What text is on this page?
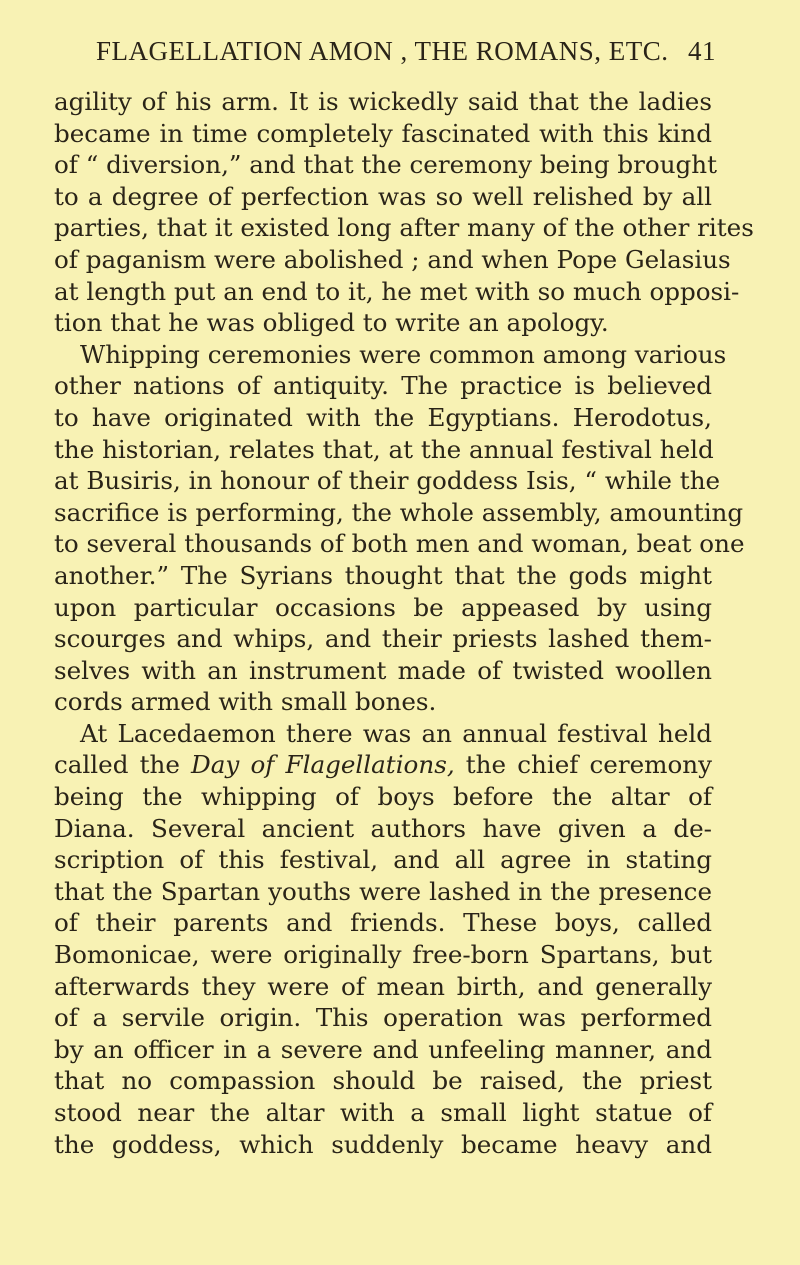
FLAGELLATION AMON , THE ROMANS, ETC. 41

agility of his arm. It is wickedly said that the ladies
became in time completely fascinated with this kind
of “ diversion,” and that the ceremony being brought
to a degree of perfection was so well relished by all
parties, that it existed long after many of the other rites
of paganism were abolished ; and when Pope Gelasius
at length put an end to it, he met with so much opposi-
tion that he was obliged to write an apology.

Whipping ceremonies were common among various
other nations of antiquity. The practice is believed
to have originated with the Egyptians. Herodotus,
the historian, relates that, at the annual festival held
at Busiris, in honour of their goddess Isis, “ while the
sacrifice is performing, the whole assembly, amounting
to several thousands of both men and woman, beat one
another.” The Syrians thought that the gods might
upon particular occasions be appeased by using
scourges and whips, and their priests lashed them-
selves with an instrument made of twisted woollen
cords armed with small bones.

At Lacedaemon there was an annual festival held
called the Day of Flagellations, the chief ceremony
being the whipping of boys before the altar of
Diana. Several ancient authors have given a de-
scription of this festival, and all agree in stating
that the Spartan youths were lashed in the presence
of their parents and friends. These boys, called
Bomonicae, were originally free-born Spartans, but
afterwards they were of mean birth, and generally
of a servile origin. This operation was performed
by an officer in a severe and unfeeling manner, and
that no compassion should be raised, the priest
stood near the altar with a small light statue of
the goddess, which suddenly became heavy and
